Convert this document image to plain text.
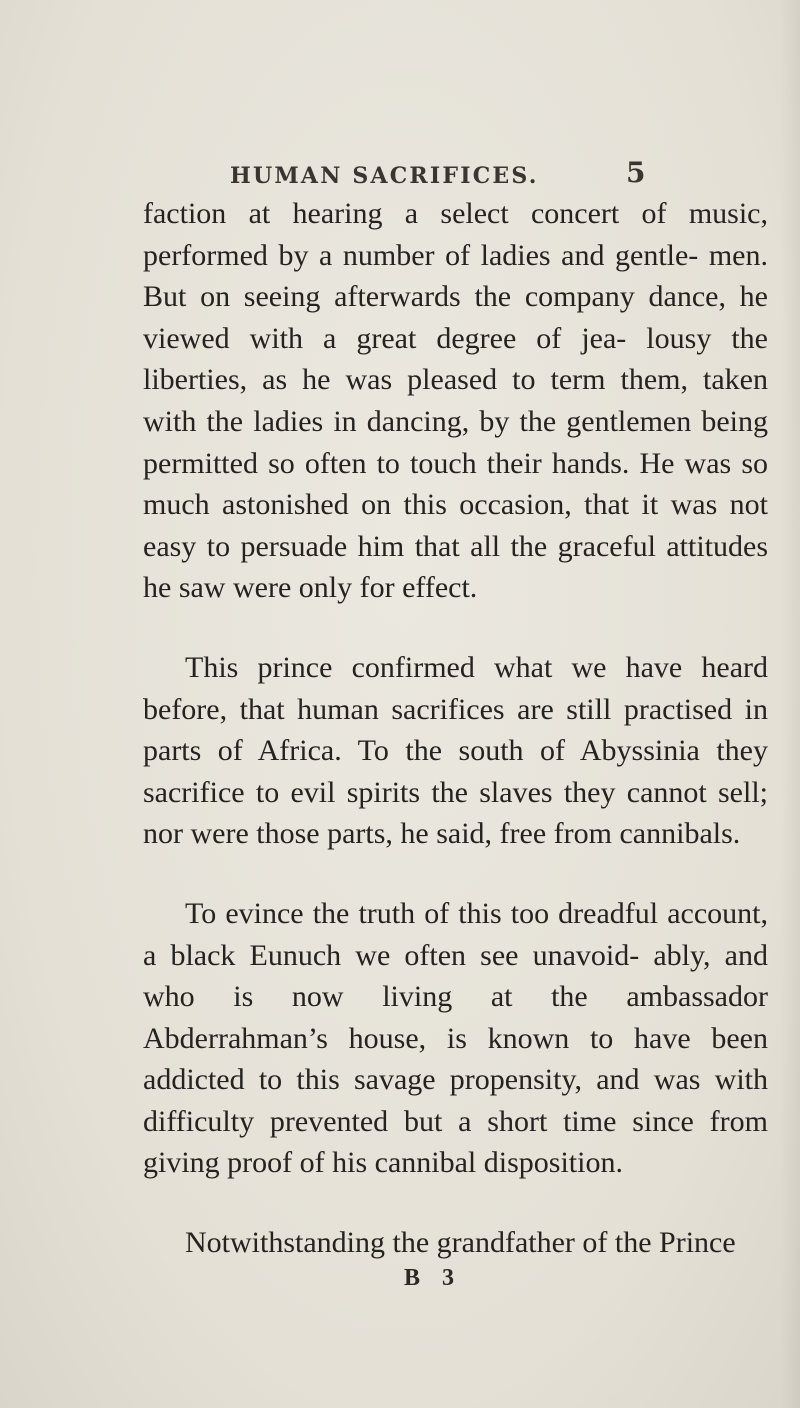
HUMAN SACRIFICES.	5

faction at hearing a select concert of music, performed by a number of ladies and gentle- men. But on seeing afterwards the company dance, he viewed with a great degree of jea- lousy the liberties, as he was pleased to term them, taken with the ladies in dancing, by the gentlemen being permitted so often to touch their hands. He was so much astonished on this occasion, that it was not easy to persuade him that all the graceful attitudes he saw were only for effect.

This prince confirmed what we have heard before, that human sacrifices are still practised in parts of Africa. To the south of Abyssinia they sacrifice to evil spirits the slaves they cannot sell; nor were those parts, he said, free from cannibals.

To evince the truth of this too dreadful account, a black Eunuch we often see unavoid- ably, and who is now living at the ambassador Abderrahman’s house, is known to have been addicted to this savage propensity, and was with difficulty prevented but a short time since from giving proof of his cannibal disposition.

Notwithstanding the grandfather of the Prince

B 3
